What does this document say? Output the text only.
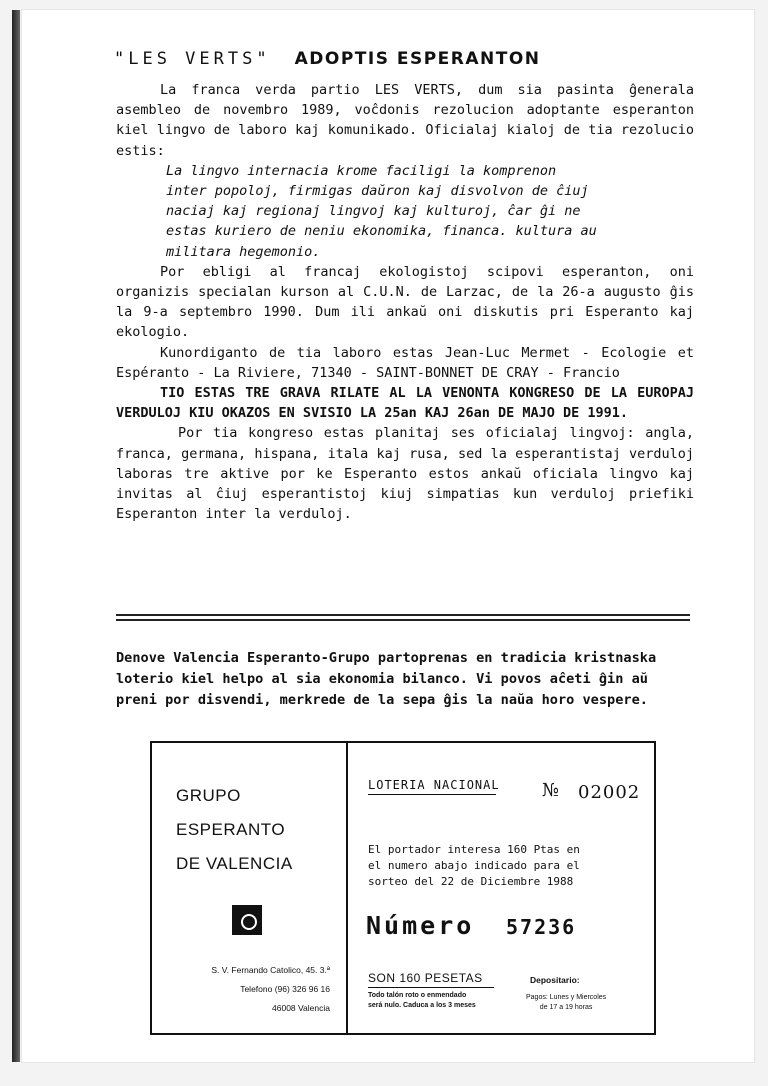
"LES VERTS" ADOPTIS ESPERANTON

La franca verda partio LES VERTS, dum sia pasinta ĝenerala asembleo de novembro 1989, voĉdonis rezolucion adoptante esperanton kiel lingvo de laboro kaj komunikado. Oficialaj kialoj de tia rezolucio estis:

La lingvo internacia krome faciligi la komprenon
inter popoloj, firmigas daŭron kaj disvolvon de ĉiuj
naciaj kaj regionaj lingvoj kaj kulturoj, ĉar ĝi ne
estas kuriero de neniu ekonomika, financa. kultura au
militara hegemonio.

Por ebligi al francaj ekologistoj scipovi esperanton, oni organizis specialan kurson al C.U.N. de Larzac, de la 26-a augusto ĝis la 9-a septembro 1990. Dum ili ankaŭ oni diskutis pri Esperanto kaj ekologio.

Kunordiganto de tia laboro estas Jean-Luc Mermet - Ecologie et Espéranto - La Riviere, 71340 - SAINT-BONNET DE CRAY - Francio

TIO ESTAS TRE GRAVA RILATE AL LA VENONTA KONGRESO DE LA EUROPAJ VERDULOJ KIU OKAZOS EN SVISIO LA 25an KAJ 26an DE MAJO DE 1991.

Por tia kongreso estas planitaj ses oficialaj lingvoj: angla, franca, germana, hispana, itala kaj rusa, sed la esperantistaj verduloj laboras tre aktive por ke Esperanto estos ankaŭ oficiala lingvo kaj invitas al ĉiuj esperantistoj kiuj simpatias kun verduloj priefiki Esperanton inter la verduloj.

Denove Valencia Esperanto-Grupo partoprenas en tradicia kristnaska loterio kiel helpo al sia ekonomia bilanco. Vi povos aĉeti ĝin aŭ preni por disvendi, merkrede de la sepa ĝis la naŭa horo vespere.
GRUPO
ESPERANTO
DE VALENCIA
S. V. Fernando Catolico, 45. 3.ª
Telefono (96) 326 96 16
46008 Valencia
LOTERIA NACIONAL № 02002
El portador interesa 160 Ptas en
el numero abajo indicado para el
sorteo del 22 de Diciembre 1988
Número 57236
SON 160 PESETAS
Todo talón roto o enmendado
será nulo. Caduca a los 3 meses
Depositario:
Pagos: Lunes y Miercoles
de 17 a 19 horas
